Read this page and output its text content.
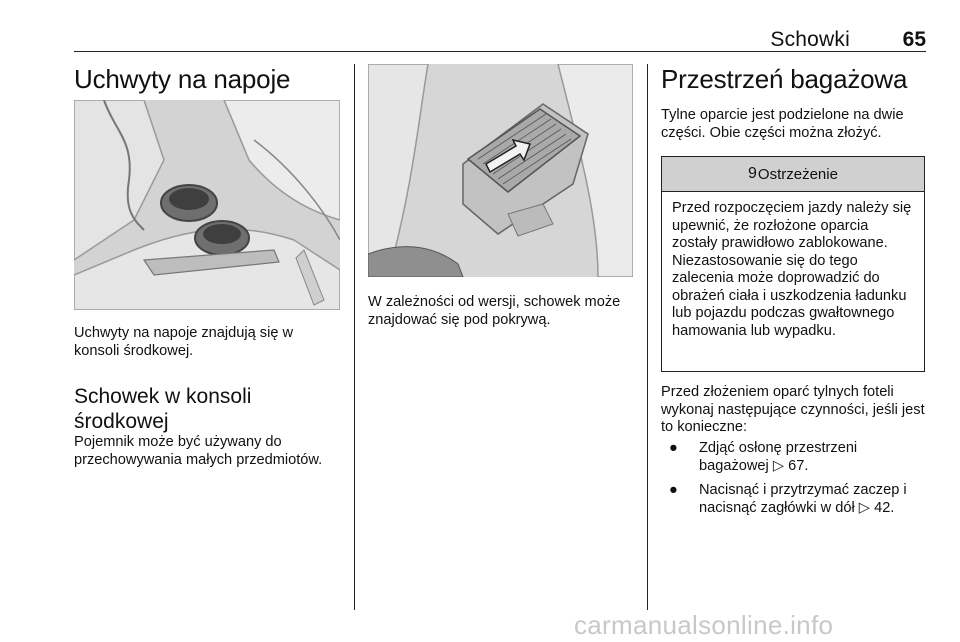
Schowki	65
Uchwyty na napoje

Uchwyty na napoje znajdują się w konsoli środkowej.

Schowek w konsoli
środkowej

Pojemnik może być używany do przechowywania małych przedmiotów.

W zależności od wersji, schowek może znajdować się pod pokrywą.

Przestrzeń bagażowa

Tylne oparcie jest podzielone na dwie części. Obie części można złożyć.

9 Ostrzeżenie
Przed rozpoczęciem jazdy należy się upewnić, że rozłożone oparcia zostały prawidłowo zablokowane. Niezastosowanie się do tego zalecenia może doprowadzić do obrażeń ciała i uszkodzenia ładunku lub pojazdu podczas gwałtownego hamowania lub wypadku.

Przed złożeniem oparć tylnych foteli wykonaj następujące czynności, jeśli jest to konieczne:

● Zdjąć osłonę przestrzeni
bagażowej ▷ 67.
● Nacisnąć i przytrzymać zaczep i
nacisnąć zagłówki w dół ▷ 42.
carmanualsonline.info
